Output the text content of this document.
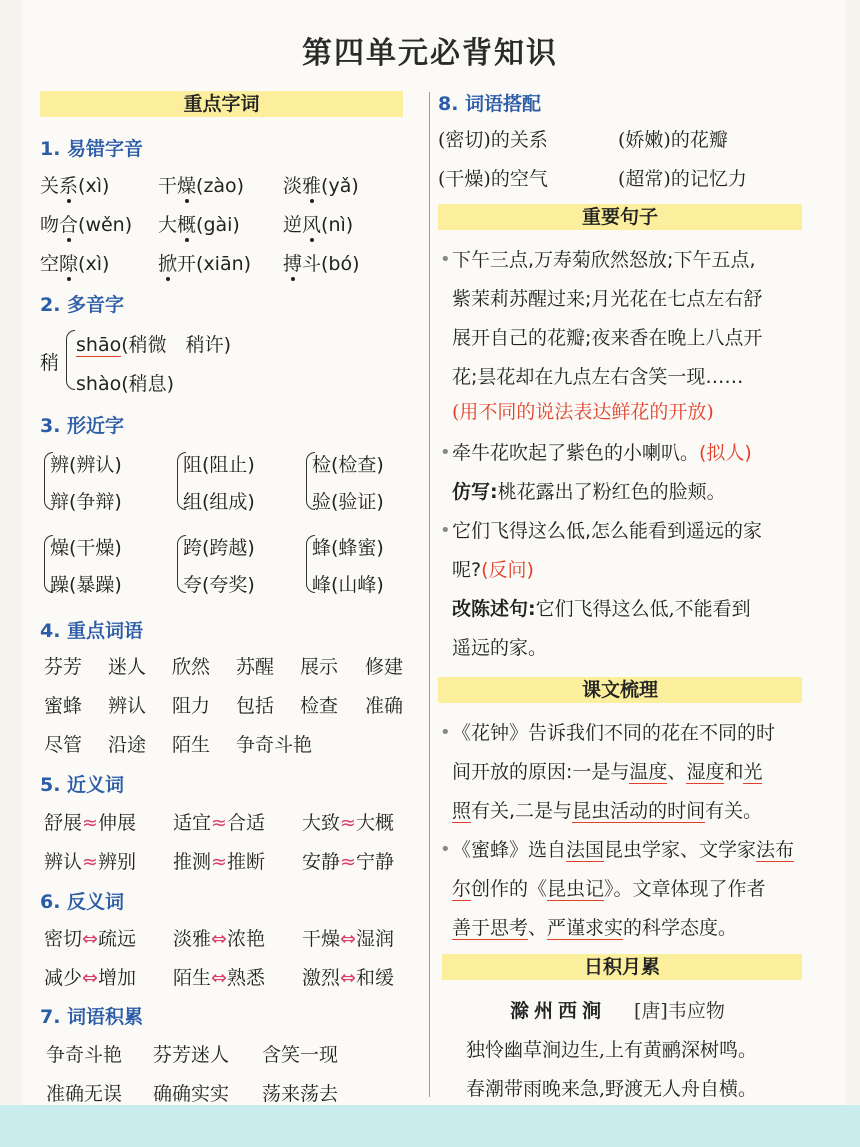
第四单元必背知识
重点字词
1. 易错字音
关系(xì)	干燥(zào) 淡雅(yǎ)
吻合(wěn) 大概(gài) 逆风(nì)
空隙(xì)	掀开(xiān) 搏斗(bó)
2. 多音字
稍
shāo(稍微　稍许)
shào(稍息)
3. 形近字
辨(辨认)
辩(争辩)
阻(阻止)
组(组成)
检(检查)
验(验证)
燥(干燥)
躁(暴躁)
跨(跨越)
夸(夸奖)
蜂(蜂蜜)
峰(山峰)
4. 重点词语
芬芳 迷人 欣然 苏醒 展示 修建
蜜蜂 辨认 阻力 包括 检查 准确
尽管 沿途 陌生 争奇斗艳
5. 近义词
舒展≈伸展 适宜≈合适 大致≈大概
辨认≈辨别 推测≈推断 安静≈宁静
6. 反义词
密切⇔疏远 淡雅⇔浓艳 干燥⇔湿润
减少⇔增加 陌生⇔熟悉 激烈⇔和缓
7. 词语积累
争奇斗艳 芬芳迷人 含笑一现
准确无误 确确实实 荡来荡去
8. 词语搭配
(密切)的关系	(娇嫩)的花瓣
(干燥)的空气	(超常)的记忆力
重要句子
• 下午三点,万寿菊欣然怒放;下午五点,
紫茉莉苏醒过来;月光花在七点左右舒
展开自己的花瓣;夜来香在晚上八点开
花;昙花却在九点左右含笑一现……
(用不同的说法表达鲜花的开放)
• 牵牛花吹起了紫色的小喇叭。(拟人)
仿写:桃花露出了粉红色的脸颊。
• 它们飞得这么低,怎么能看到遥远的家
呢?(反问)
改陈述句:它们飞得这么低,不能看到
遥远的家。
课文梳理
• 《花钟》告诉我们不同的花在不同的时
间开放的原因:一是与温度、湿度和光
照有关,二是与昆虫活动的时间有关。
• 《蜜蜂》选自法国昆虫学家、文学家法布
尔创作的《昆虫记》。文章体现了作者
善于思考、严谨求实的科学态度。
日积月累
滁州西涧 [唐]韦应物
独怜幽草涧边生,上有黄鹂深树鸣。
春潮带雨晚来急,野渡无人舟自横。
